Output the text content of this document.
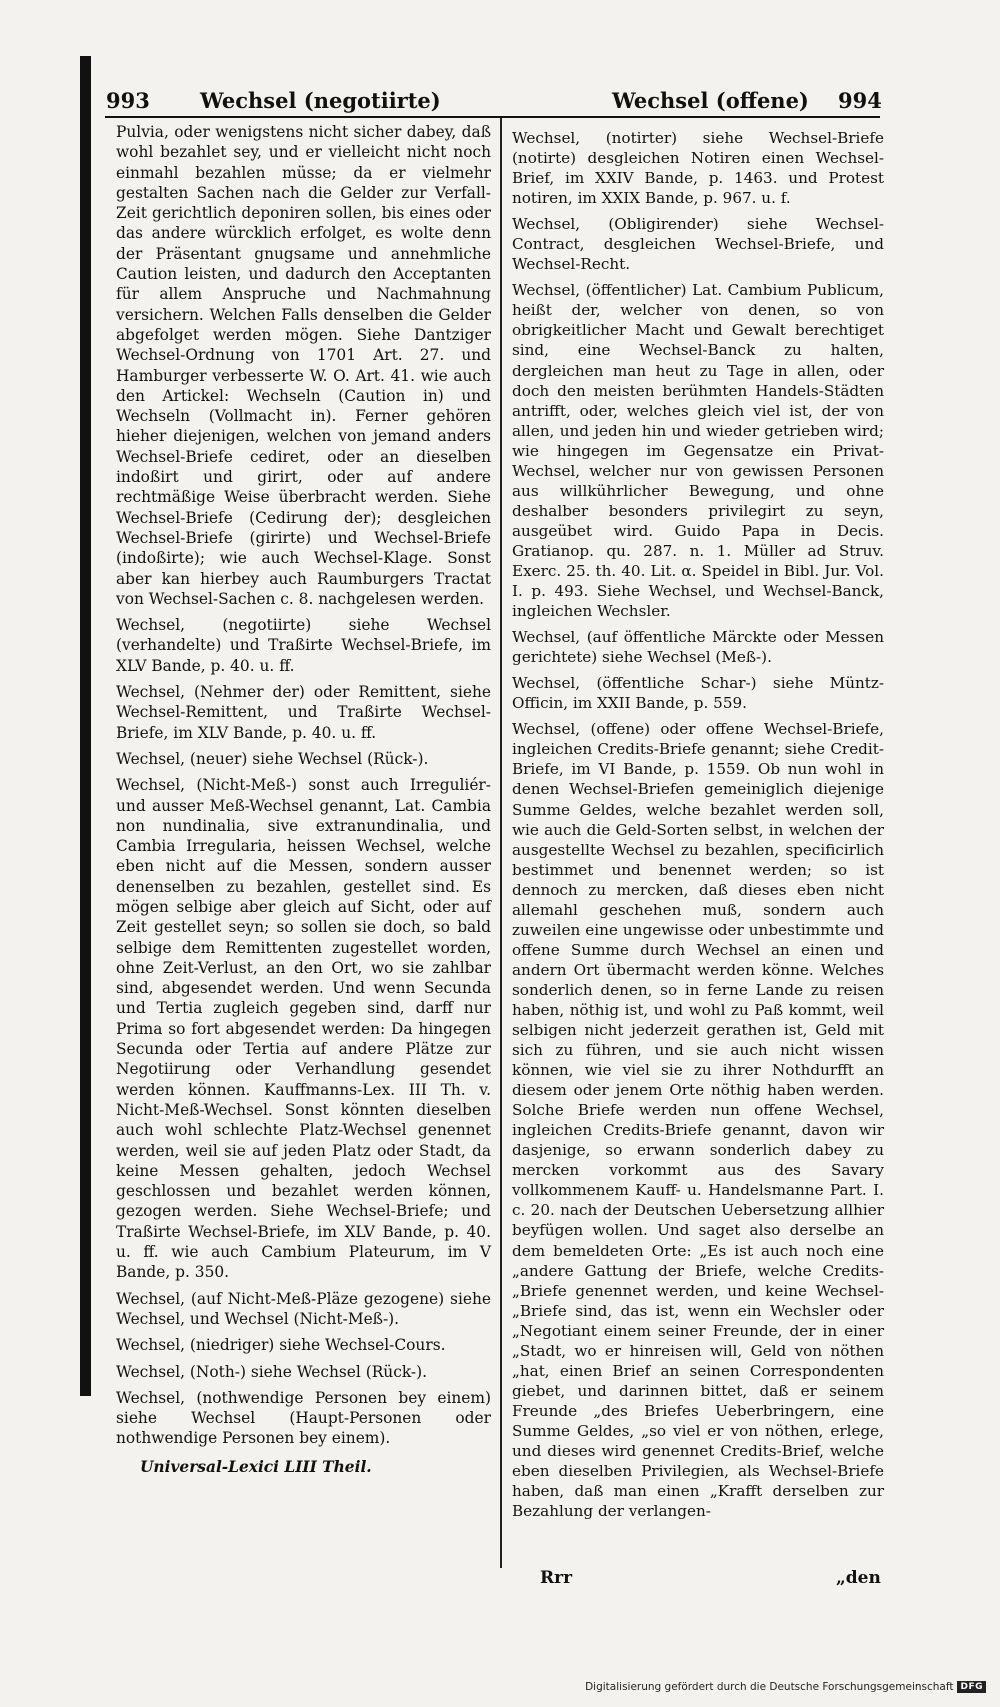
993 Wechsel (negotiirte)	Wechsel (offene) 994

Pulvia, oder wenigstens nicht sicher dabey, daß wohl bezahlet sey, und er vielleicht nicht noch einmahl bezahlen müsse; da er vielmehr gestalten Sachen nach die Gelder zur Verfall-Zeit gerichtlich deponiren sollen, bis eines oder das andere würcklich erfolget, es wolte denn der Präsentant gnugsame und annehmliche Caution leisten, und dadurch den Acceptanten für allem Anspruche und Nachmahnung versichern. Welchen Falls denselben die Gelder abgefolget werden mögen. Siehe Dantziger Wechsel-Ordnung von 1701 Art. 27. und Hamburger verbesserte W. O. Art. 41. wie auch den Artickel: Wechseln (Caution in) und Wechseln (Vollmacht in). Ferner gehören hieher diejenigen, welchen von jemand anders Wechsel-Briefe cediret, oder an dieselben indoßirt und girirt, oder auf andere rechtmäßige Weise überbracht werden. Siehe Wechsel-Briefe (Cedirung der); desgleichen Wechsel-Briefe (girirte) und Wechsel-Briefe (indoßirte); wie auch Wechsel-Klage. Sonst aber kan hierbey auch Raumburgers Tractat von Wechsel-Sachen c. 8. nachgelesen werden.

Wechsel, (negotiirte) siehe Wechsel (verhandelte) und Traßirte Wechsel-Briefe, im XLV Bande, p. 40. u. ff.

Wechsel, (Nehmer der) oder Remittent, siehe Wechsel-Remittent, und Traßirte Wechsel-Briefe, im XLV Bande, p. 40. u. ff.

Wechsel, (neuer) siehe Wechsel (Rück-).

Wechsel, (Nicht-Meß-) sonst auch Irreguliér- und ausser Meß-Wechsel genannt, Lat. Cambia non nundinalia, sive extranundinalia, und Cambia Irregularia, heissen Wechsel, welche eben nicht auf die Messen, sondern ausser denenselben zu bezahlen, gestellet sind. Es mögen selbige aber gleich auf Sicht, oder auf Zeit gestellet seyn; so sollen sie doch, so bald selbige dem Remittenten zugestellet worden, ohne Zeit-Verlust, an den Ort, wo sie zahlbar sind, abgesendet werden. Und wenn Secunda und Tertia zugleich gegeben sind, darff nur Prima so fort abgesendet werden: Da hingegen Secunda oder Tertia auf andere Plätze zur Negotiirung oder Verhandlung gesendet werden können. Kauffmanns-Lex. III Th. v. Nicht-Meß-Wechsel. Sonst könnten dieselben auch wohl schlechte Platz-Wechsel genennet werden, weil sie auf jeden Platz oder Stadt, da keine Messen gehalten, jedoch Wechsel geschlossen und bezahlet werden können, gezogen werden. Siehe Wechsel-Briefe; und Traßirte Wechsel-Briefe, im XLV Bande, p. 40. u. ff. wie auch Cambium Plateurum, im V Bande, p. 350.

Wechsel, (auf Nicht-Meß-Pläze gezogene) siehe Wechsel, und Wechsel (Nicht-Meß-).

Wechsel, (niedriger) siehe Wechsel-Cours.

Wechsel, (Noth-) siehe Wechsel (Rück-).

Wechsel, (nothwendige Personen bey einem) siehe Wechsel (Haupt-Personen oder nothwendige Personen bey einem).

Universal-Lexici LIII Theil.

Wechsel, (notirter) siehe Wechsel-Briefe (notirte) desgleichen Notiren einen Wechsel-Brief, im XXIV Bande, p. 1463. und Protest notiren, im XXIX Bande, p. 967. u. f.

Wechsel, (Obligirender) siehe Wechsel-Contract, desgleichen Wechsel-Briefe, und Wechsel-Recht.

Wechsel, (öffentlicher) Lat. Cambium Publicum, heißt der, welcher von denen, so von obrigkeitlicher Macht und Gewalt berechtiget sind, eine Wechsel-Banck zu halten, dergleichen man heut zu Tage in allen, oder doch den meisten berühmten Handels-Städten antrifft, oder, welches gleich viel ist, der von allen, und jeden hin und wieder getrieben wird; wie hingegen im Gegensatze ein Privat-Wechsel, welcher nur von gewissen Personen aus willkührlicher Bewegung, und ohne deshalber besonders privilegirt zu seyn, ausgeübet wird. Guido Papa in Decis. Gratianop. qu. 287. n. 1. Müller ad Struv. Exerc. 25. th. 40. Lit. α. Speidel in Bibl. Jur. Vol. I. p. 493. Siehe Wechsel, und Wechsel-Banck, ingleichen Wechsler.

Wechsel, (auf öffentliche Märckte oder Messen gerichtete) siehe Wechsel (Meß-).

Wechsel, (öffentliche Schar-) siehe Müntz-Officin, im XXII Bande, p. 559.

Wechsel, (offene) oder offene Wechsel-Briefe, ingleichen Credits-Briefe genannt; siehe Credit-Briefe, im VI Bande, p. 1559. Ob nun wohl in denen Wechsel-Briefen gemeiniglich diejenige Summe Geldes, welche bezahlet werden soll, wie auch die Geld-Sorten selbst, in welchen der ausgestellte Wechsel zu bezahlen, specificirlich bestimmet und benennet werden; so ist dennoch zu mercken, daß dieses eben nicht allemahl geschehen muß, sondern auch zuweilen eine ungewisse oder unbestimmte und offene Summe durch Wechsel an einen und andern Ort übermacht werden könne. Welches sonderlich denen, so in ferne Lande zu reisen haben, nöthig ist, und wohl zu Paß kommt, weil selbigen nicht jederzeit gerathen ist, Geld mit sich zu führen, und sie auch nicht wissen können, wie viel sie zu ihrer Nothdurfft an diesem oder jenem Orte nöthig haben werden. Solche Briefe werden nun offene Wechsel, ingleichen Credits-Briefe genannt, davon wir dasjenige, so erwann sonderlich dabey zu mercken vorkommt aus des Savary vollkommenem Kauff- u. Handelsmanne Part. I. c. 20. nach der Deutschen Uebersetzung allhier beyfügen wollen. Und saget also derselbe an dem bemeldeten Orte: „Es ist auch noch eine „andere Gattung der Briefe, welche Credits-„Briefe genennet werden, und keine Wechsel-„Briefe sind, das ist, wenn ein Wechsler oder „Negotiant einem seiner Freunde, der in einer „Stadt, wo er hinreisen will, Geld von nöthen „hat, einen Brief an seinen Correspondenten giebet, und darinnen bittet, daß er seinem Freunde „des Briefes Ueberbringern, eine Summe Geldes, „so viel er von nöthen, erlege, und dieses wird genennet Credits-Brief, welche eben dieselben Privilegien, als Wechsel-Briefe haben, daß man einen „Krafft derselben zur Bezahlung der verlangen-

Rrr	„den
Digitalisierung gefördert durch die Deutsche Forschungsgemeinschaft DFG
